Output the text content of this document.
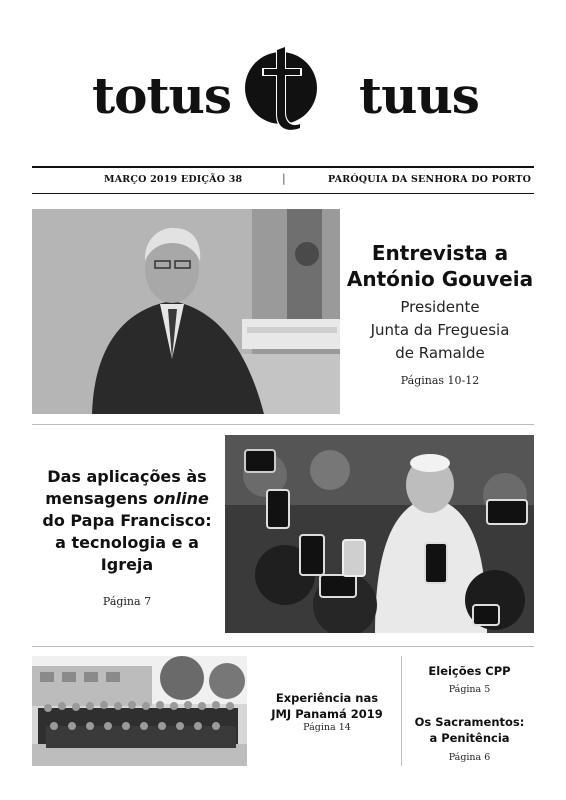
totus	tuus
MARÇO 2019 EDIÇÃO 38	|	PARÓQUIA DA SENHORA DO PORTO
Entrevista a
António Gouveia
Presidente
Junta da Freguesia
de Ramalde
Páginas 10-12
Das aplicações às
mensagens online
do Papa Francisco:
a tecnologia e a
Igreja
Página 7
Experiência nas
JMJ Panamá 2019
Página 14
Eleições CPP
Página 5
Os Sacramentos:
a Penitência
Página 6
